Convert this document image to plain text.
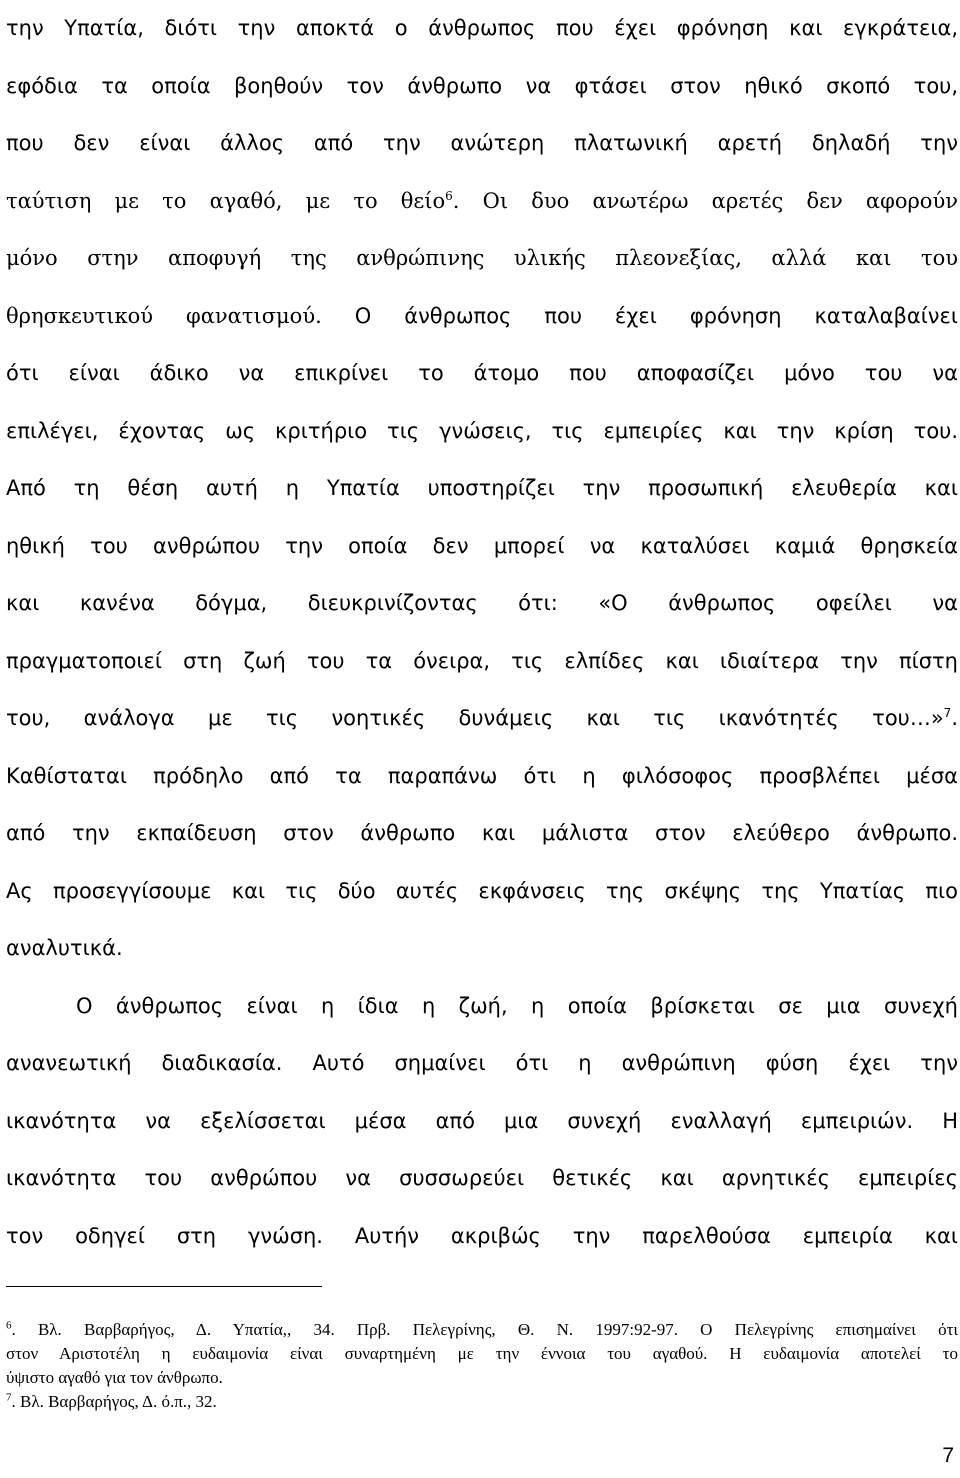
την Υπατία, διότι την αποκτά ο άνθρωπος που έχει φρόνηση και εγκράτεια,
εφόδια τα οποία βοηθούν τον άνθρωπο να φτάσει στον ηθικό σκοπό του,
που δεν είναι άλλος από την ανώτερη πλατωνική αρετή δηλαδή την
ταύτιση με το αγαθό, με το θείο$^6$. Οι δυο ανωτέρω αρετές δεν αφορούν
μόνο στην αποφυγή της ανθρώπινης υλικής πλεονεξίας, αλλά και του
θρησκευτικού φανατισμού. Ο άνθρωπος που έχει φρόνηση καταλαβαίνει
ότι είναι άδικο να επικρίνει το άτομο που αποφασίζει μόνο του να
επιλέγει, έχοντας ως κριτήριο τις γνώσεις, τις εμπειρίες και την κρίση του.
Από τη θέση αυτή η Υπατία υποστηρίζει την προσωπική ελευθερία και
ηθική του ανθρώπου την οποία δεν μπορεί να καταλύσει καμιά θρησκεία
και κανένα δόγμα, διευκρινίζοντας ότι: «Ο άνθρωπος οφείλει να
πραγματοποιεί στη ζωή του τα όνειρα, τις ελπίδες και ιδιαίτερα την πίστη
του, ανάλογα με τις νοητικές δυνάμεις και τις ικανότητές του…»$^7$.
Καθίσταται πρόδηλο από τα παραπάνω ότι η φιλόσοφος προσβλέπει μέσα
από την εκπαίδευση στον άνθρωπο και μάλιστα στον ελεύθερο άνθρωπο.
Ας προσεγγίσουμε και τις δύο αυτές εκφάνσεις της σκέψης της Υπατίας πιο
αναλυτικά.
Ο άνθρωπος είναι η ίδια η ζωή, η οποία βρίσκεται σε μια συνεχή
ανανεωτική διαδικασία. Αυτό σημαίνει ότι η ανθρώπινη φύση έχει την
ικανότητα να εξελίσσεται μέσα από μια συνεχή εναλλαγή εμπειριών. Η
ικανότητα του ανθρώπου να συσσωρεύει θετικές και αρνητικές εμπειρίες
τον οδηγεί στη γνώση. Αυτήν ακριβώς την παρελθούσα εμπειρία και
$^6$. Βλ. Βαρβαρήγος, Δ. Υπατία,, 34. Πρβ. Πελεγρίνης, Θ. Ν. 1997:92-97. Ο Πελεγρίνης επισημαίνει ότι
στον Αριστοτέλη η ευδαιμονία είναι συναρτημένη με την έννοια του αγαθού. Η ευδαιμονία αποτελεί το
ύψιστο αγαθό για τον άνθρωπο.
$^7$. Βλ. Βαρβαρήγος, Δ. ό.π., 32.
7
